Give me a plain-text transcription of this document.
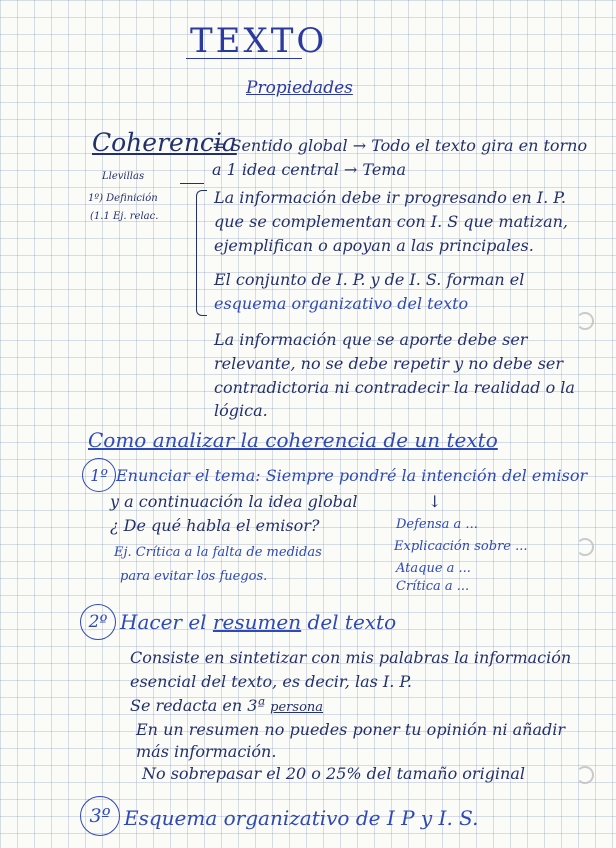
TEXTO
Propiedades
Coherencia
= Sentido global → Todo el texto gira en torno
a 1 idea central → Tema
Llevillas
1º) Definición
(1.1 Ej. relac.
La información debe ir progresando en I. P.
que se complementan con I. S que matizan,
ejemplifican o apoyan a las principales.
El conjunto de I. P. y de I. S. forman el
esquema organizativo del texto
La información que se aporte debe ser
relevante, no se debe repetir y no debe ser
contradictoria ni contradecir la realidad o la
lógica.
Como analizar la coherencia de un texto
1º Enunciar el tema: Siempre pondré la intención del emisor
y a continuación la idea global
¿ De qué habla el emisor?
↓
Ej. Crítica a la falta de medidas
para evitar los fuegos.
Defensa a ...
Explicación sobre ...
Ataque a ...
Crítica a ...
2º Hacer el resumen del texto
Consiste en sintetizar con mis palabras la información
esencial del texto, es decir, las I. P.
Se redacta en 3ª persona
En un resumen no puedes poner tu opinión ni añadir
más información.
No sobrepasar el 20 o 25% del tamaño original
3º Esquema organizativo de I P y I. S.
